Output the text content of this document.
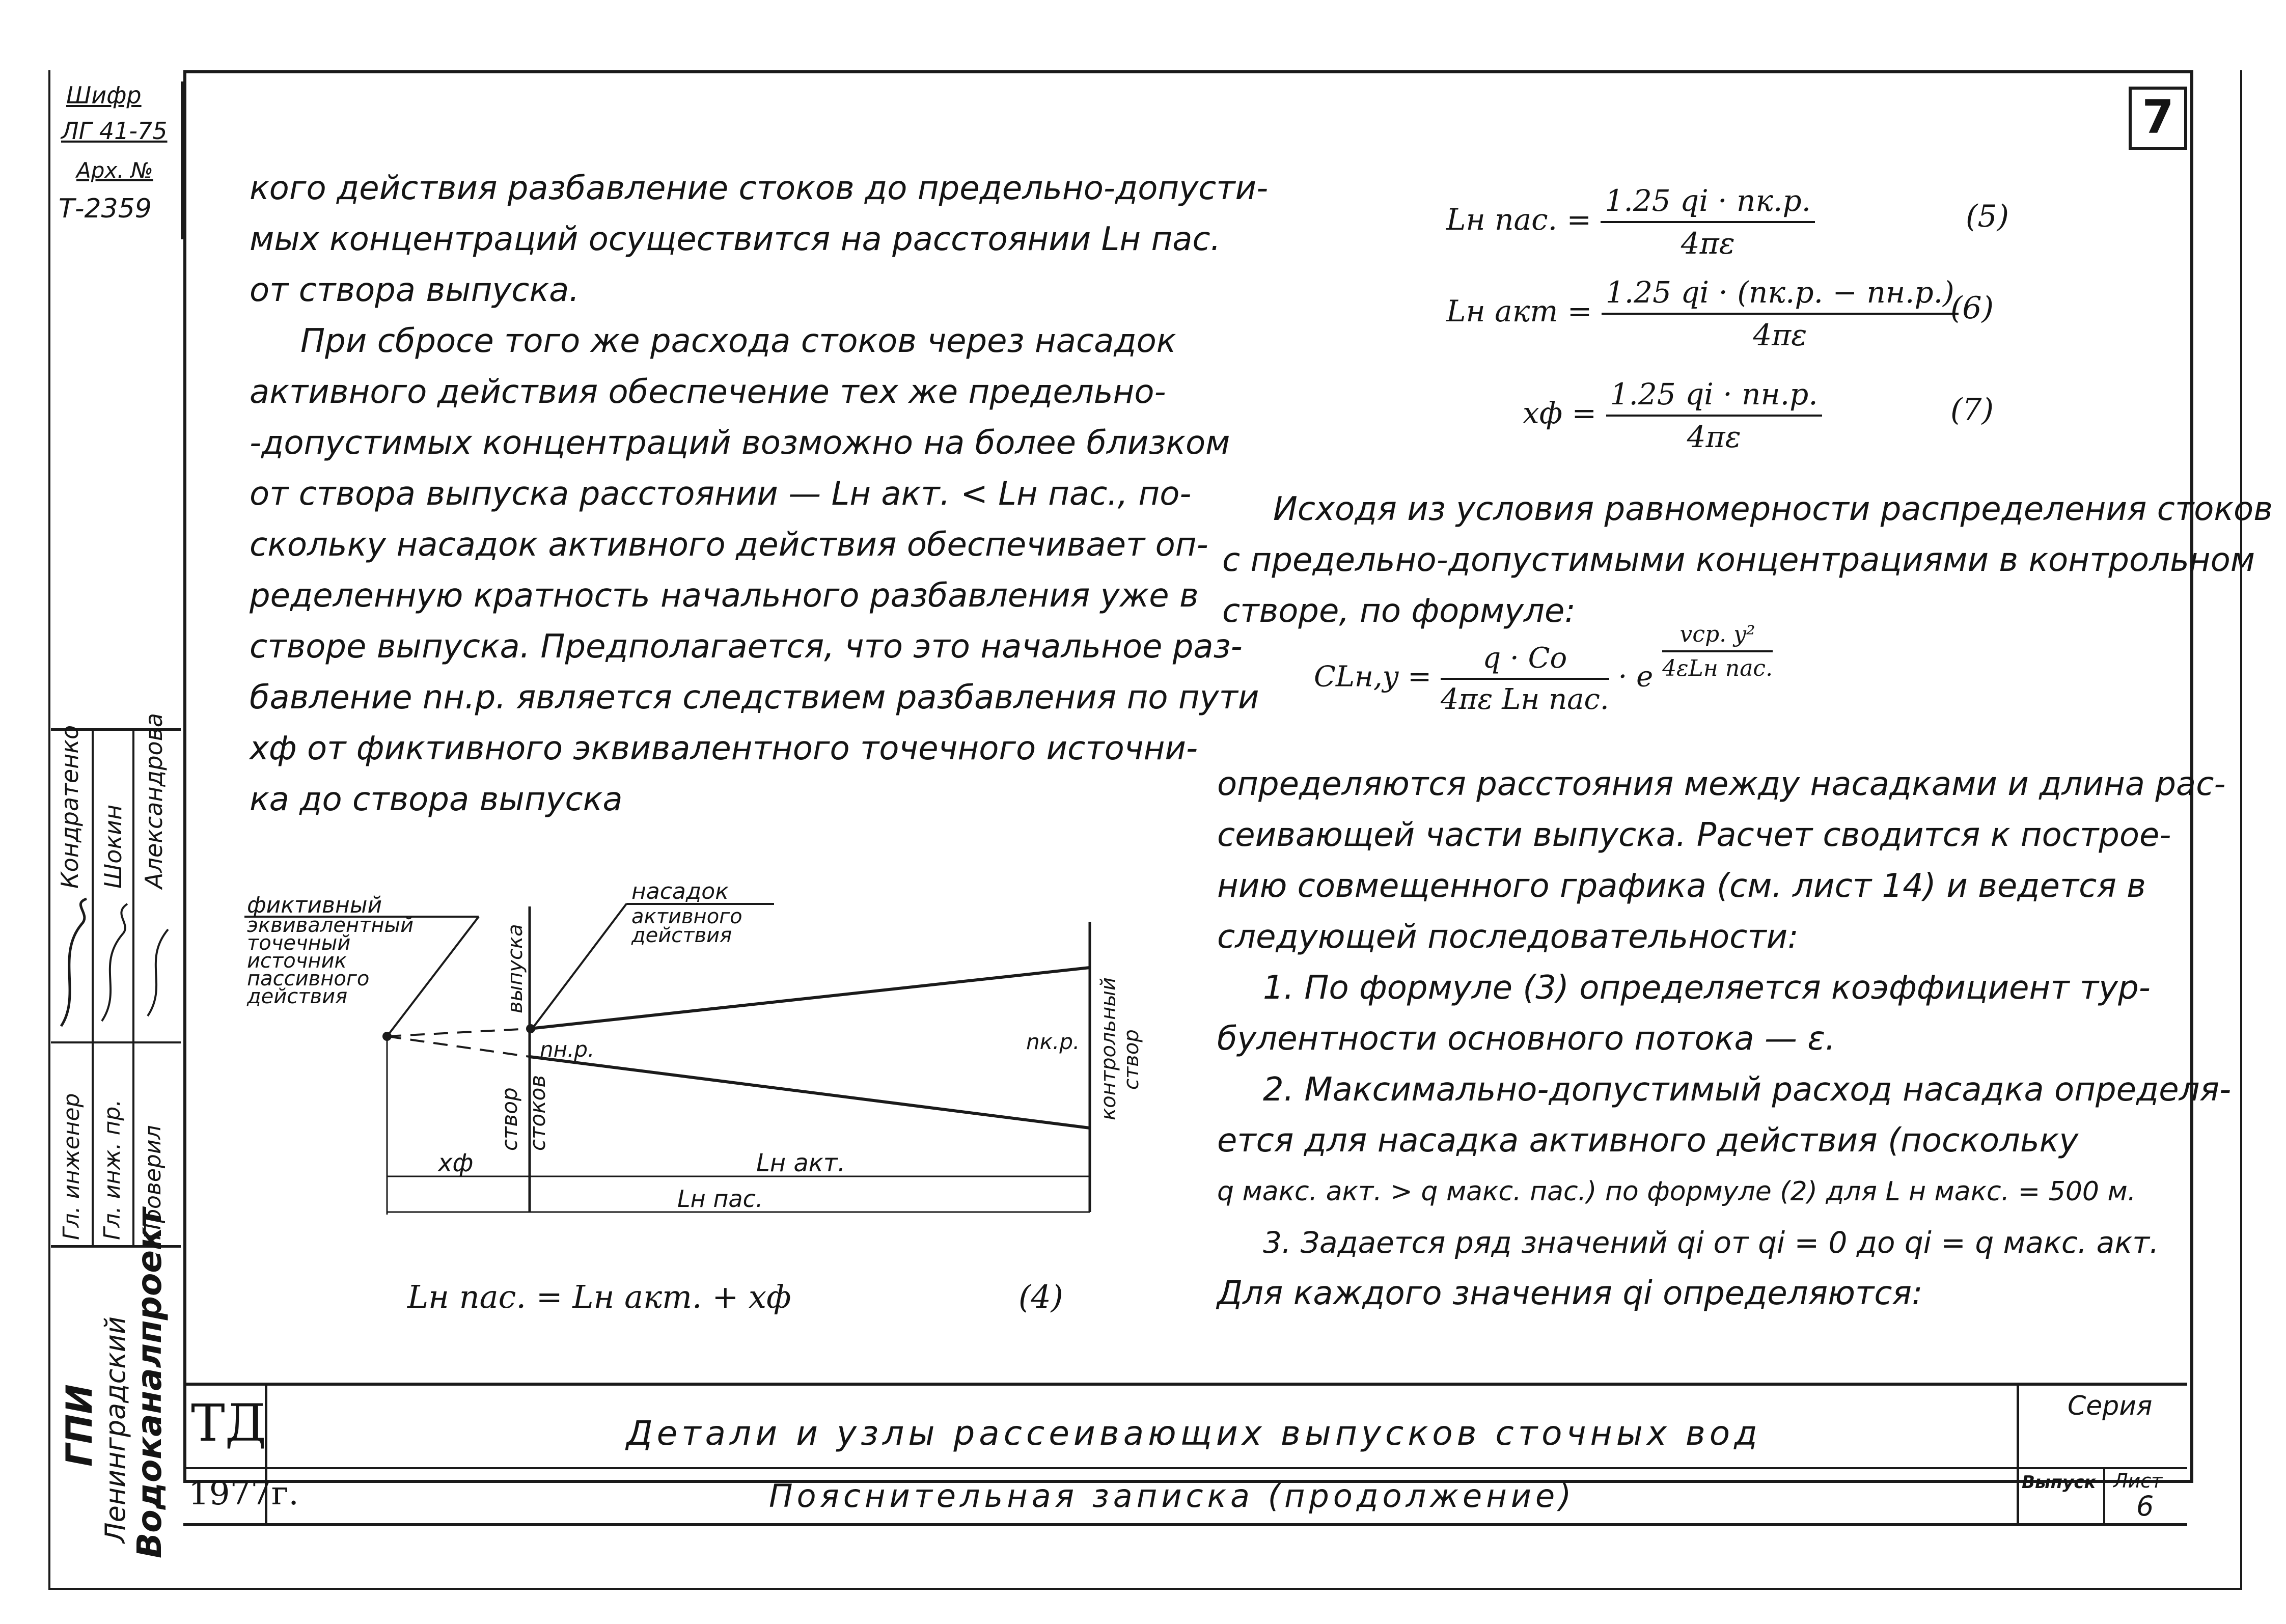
Шифр
ЛГ 41-75
Арх. №
Т-2359
7
кого действия разбавление стоков до предельно-допусти-
мых концентраций осуществится на расстоянии Lн пас.
от створа выпуска.
При сбросе того же расхода стоков через насадок
активного действия обеспечение тех же предельно-
-допустимых концентраций возможно на более близком
от створа выпуска расстоянии — Lн акт. < Lн пас., по-
скольку насадок активного действия обеспечивает оп-
ределенную кратность начального разбавления уже в
створе выпуска. Предполагается, что это начальное раз-
бавление nн.р. является следствием разбавления по пути
xф от фиктивного эквивалентного точечного источни-
ка до створа выпуска
фиктивный
эквивалентный
точечный
источник
пассивного
действия
насадок
активного
действия
выпуска
створ стоков	контрольный створ
nн.р.	nк.р.
xф	Lн акт.
Lн пас.
Lн пас. = Lн акт. + xф	(4)
Lн пас. = $\frac{1.25 qi \cdot nк.р.}{4\pi\varepsilon}$	(5)
Lн акт = $\frac{1.25 qi \cdot (nк.р. - nн.р.)}{4\pi\varepsilon}$
(6)
xф = $\frac{1.25 qi \cdot nн.р.}{4\pi\varepsilon}$	(7)
Исходя из условия равномерности распределения стоков
с предельно-допустимыми концентрациями в контрольном
створе, по формуле:
$CLн,y = \frac{q \cdot Co}{\text{4πε Lн пас.}} \cdot e \frac{\text{vср. y²}}{\text{4εLн пас.}}$
определяются расстояния между насадками и длина рас-
сеивающей части выпуска. Расчет сводится к построе-
нию совмещенного графика (см. лист 14) и ведется в
следующей последовательности:
1. По формуле (3) определяется коэффициент тур-
булентности основного потока — ε.
2. Максимально-допустимый расход насадка определя-
ется для насадка активного действия (поскольку
q макс. акт. > q макс. пас.) по формуле (2) для L н макс. = 500 м.
3. Задается ряд значений qi от qi = 0 до qi = q макс. акт.
Для каждого значения qi определяются:
Кондратенко Шокин Александрова
Гл. инженер Гл. инж. пр. Проверил
ГПИ
Ленинградский
Водоканалпроект ТД
1977г.
Детали и узлы рассеивающих выпусков сточных вод
Пояснительная записка (продолжение)
Серия
Выпуск Лист
6
